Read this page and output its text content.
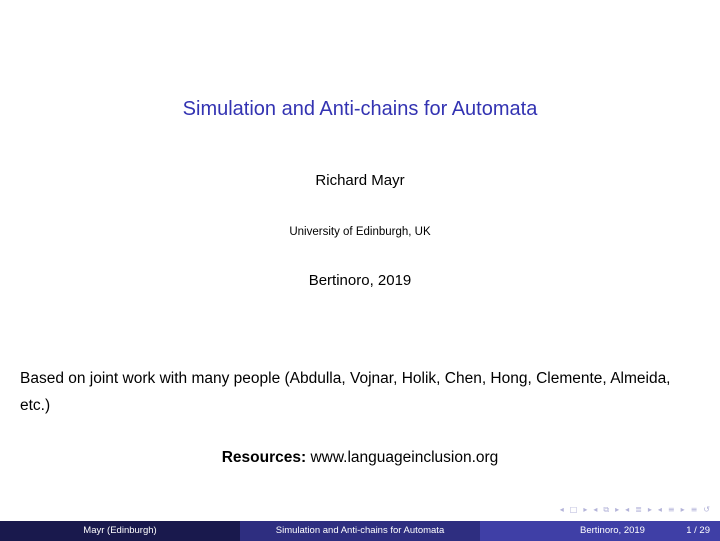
Simulation and Anti-chains for Automata
Richard Mayr
University of Edinburgh, UK
Bertinoro, 2019
Based on joint work with many people (Abdulla, Vojnar, Holik, Chen, Hong, Clemente, Almeida, etc.)
Resources: www.languageinclusion.org
◂ □ ▸ ◂ ⧉ ▸ ◂ ≣ ▸ ◂ ≡ ▸ ≡ ↺
Mayr (Edinburgh)	Simulation and Anti-chains for Automata	Bertinoro, 2019	1 / 29
